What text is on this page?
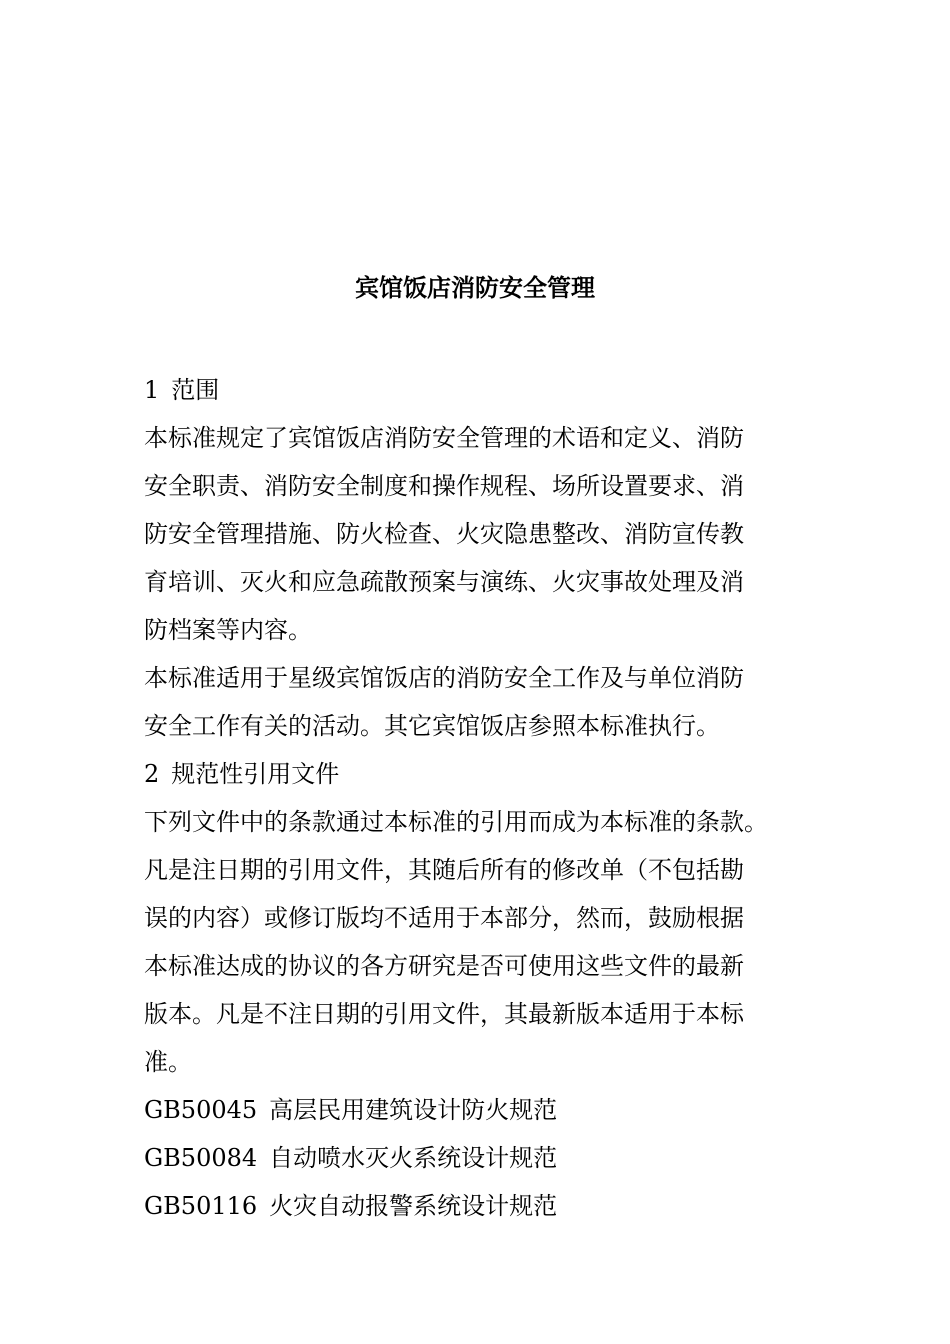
宾馆饭店消防安全管理
1 范围
本标准规定了宾馆饭店消防安全管理的术语和定义、消防
安全职责、消防安全制度和操作规程、场所设置要求、消
防安全管理措施、防火检查、火灾隐患整改、消防宣传教
育培训、灭火和应急疏散预案与演练、火灾事故处理及消
防档案等内容。
本标准适用于星级宾馆饭店的消防安全工作及与单位消防
安全工作有关的活动。其它宾馆饭店参照本标准执行。
2 规范性引用文件
下列文件中的条款通过本标准的引用而成为本标准的条款。
凡是注日期的引用文件，其随后所有的修改单（不包括勘
误的内容）或修订版均不适用于本部分，然而，鼓励根据
本标准达成的协议的各方研究是否可使用这些文件的最新
版本。凡是不注日期的引用文件，其最新版本适用于本标
准。
GB50045 高层民用建筑设计防火规范
GB50084 自动喷水灭火系统设计规范
GB50116 火灾自动报警系统设计规范
